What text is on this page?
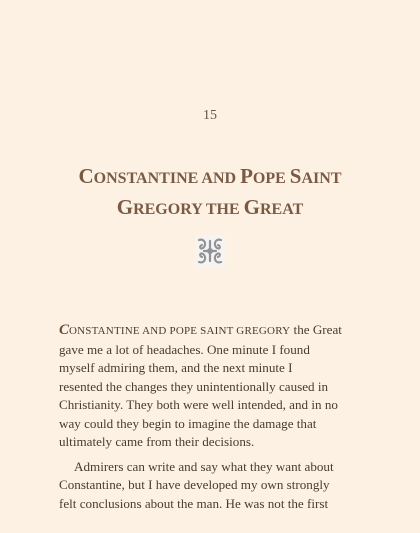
15
CONSTANTINE AND POPE SAINT
GREGORY THE GREAT

CONSTANTINE AND POPE SAINT GREGORY the Great
gave me a lot of headaches. One minute I found
myself admiring them, and the next minute I
resented the changes they unintentionally caused in
Christianity. They both were well intended, and in no
way could they begin to imagine the damage that
ultimately came from their decisions.

Admirers can write and say what they want about
Constantine, but I have developed my own strongly
felt conclusions about the man. He was not the first
